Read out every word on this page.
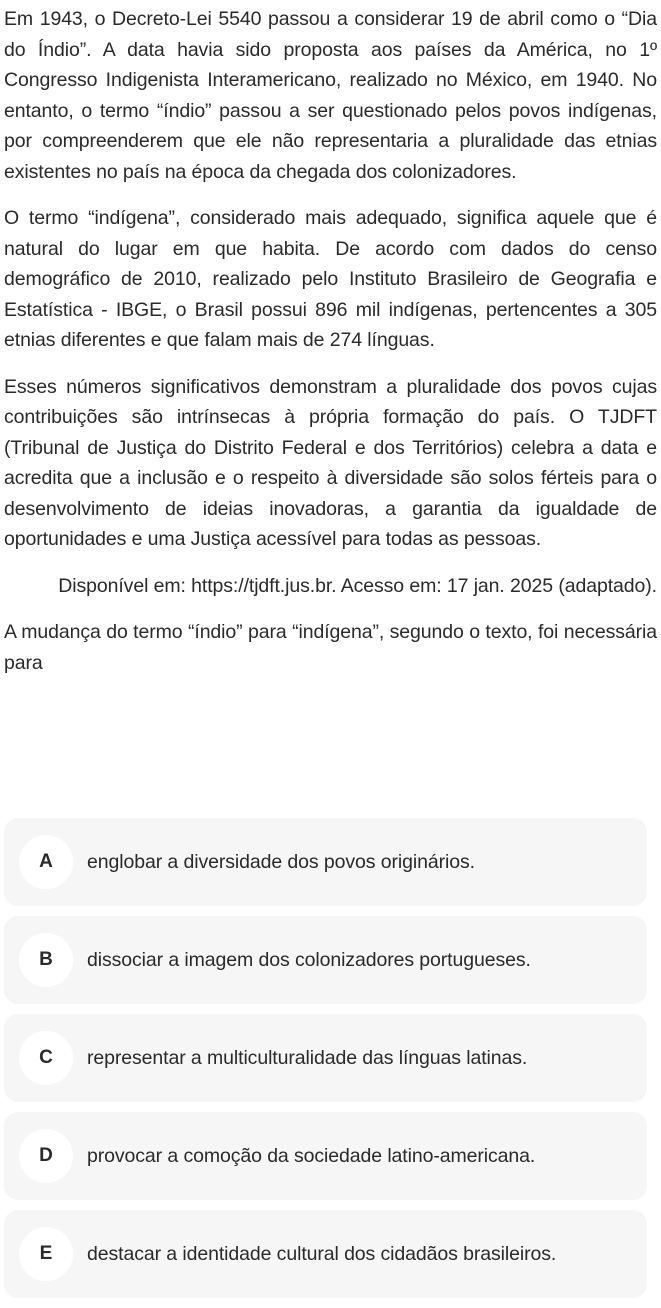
Em 1943, o Decreto-Lei 5540 passou a considerar 19 de abril como o “Dia do Índio”. A data havia sido proposta aos países da América, no 1º Congresso Indigenista Interamericano, realizado no México, em 1940. No entanto, o termo “índio” passou a ser questionado pelos povos indígenas, por compreenderem que ele não representaria a pluralidade das etnias existentes no país na época da chegada dos colonizadores.

O termo “indígena”, considerado mais adequado, significa aquele que é natural do lugar em que habita. De acordo com dados do censo demográfico de 2010, realizado pelo Instituto Brasileiro de Geografia e Estatística - IBGE, o Brasil possui 896 mil indígenas, pertencentes a 305 etnias diferentes e que falam mais de 274 línguas.

Esses números significativos demonstram a pluralidade dos povos cujas contribuições são intrínsecas à própria formação do país. O TJDFT (Tribunal de Justiça do Distrito Federal e dos Territórios) celebra a data e acredita que a inclusão e o respeito à diversidade são solos férteis para o desenvolvimento de ideias inovadoras, a garantia da igualdade de oportunidades e uma Justiça acessível para todas as pessoas.

Disponível em: https://tjdft.jus.br. Acesso em: 17 jan. 2025 (adaptado).

A mudança do termo “índio” para “indígena”, segundo o texto, foi necessária para

A	englobar a diversidade dos povos originários.
B	dissociar a imagem dos colonizadores portugueses.
C	representar a multiculturalidade das línguas latinas.
D	provocar a comoção da sociedade latino-americana.
E	destacar a identidade cultural dos cidadãos brasileiros.
